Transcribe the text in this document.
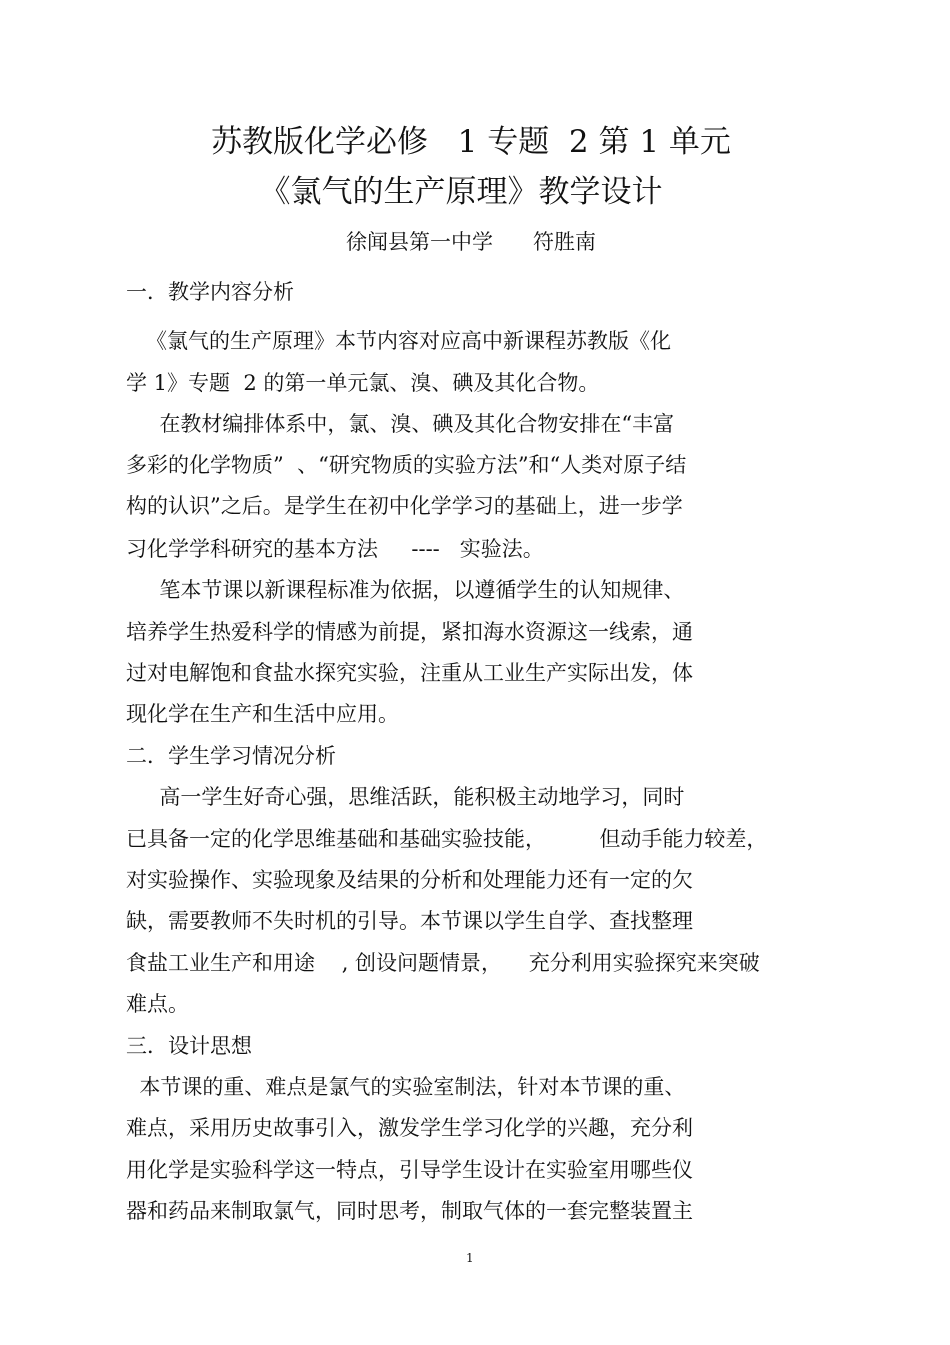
苏教版化学必修   1 专题  2 第 1 单元
《氯气的生产原理》教学设计
徐闻县第一中学      符胜南
一．教学内容分析
《氯气的生产原理》本节内容对应高中新课程苏教版《化
学 1》专题  2 的第一单元氯、溴、碘及其化合物。
在教材编排体系中，氯、溴、碘及其化合物安排在“丰富
多彩的化学物质”  、“研究物质的实验方法”和“人类对原子结
构的认识”之后。是学生在初中化学学习的基础上，进一步学
习化学学科研究的基本方法     ----   实验法。
笔本节课以新课程标准为依据，以遵循学生的认知规律、
培养学生热爱科学的情感为前提，紧扣海水资源这一线索，通
过对电解饱和食盐水探究实验，注重从工业生产实际出发，体
现化学在生产和生活中应用。
二．学生学习情况分析
高一学生好奇心强，思维活跃，能积极主动地学习，同时
已具备一定的化学思维基础和基础实验技能，        但动手能力较差，
对实验操作、实验现象及结果的分析和处理能力还有一定的欠
缺，需要教师不失时机的引导。本节课以学生自学、查找整理
食盐工业生产和用途    , 创设问题情景，    充分利用实验探究来突破
难点。
三．设计思想
本节课的重、难点是氯气的实验室制法，针对本节课的重、
难点，采用历史故事引入，激发学生学习化学的兴趣，充分利
用化学是实验科学这一特点，引导学生设计在实验室用哪些仪
器和药品来制取氯气，同时思考，制取气体的一套完整装置主
1
